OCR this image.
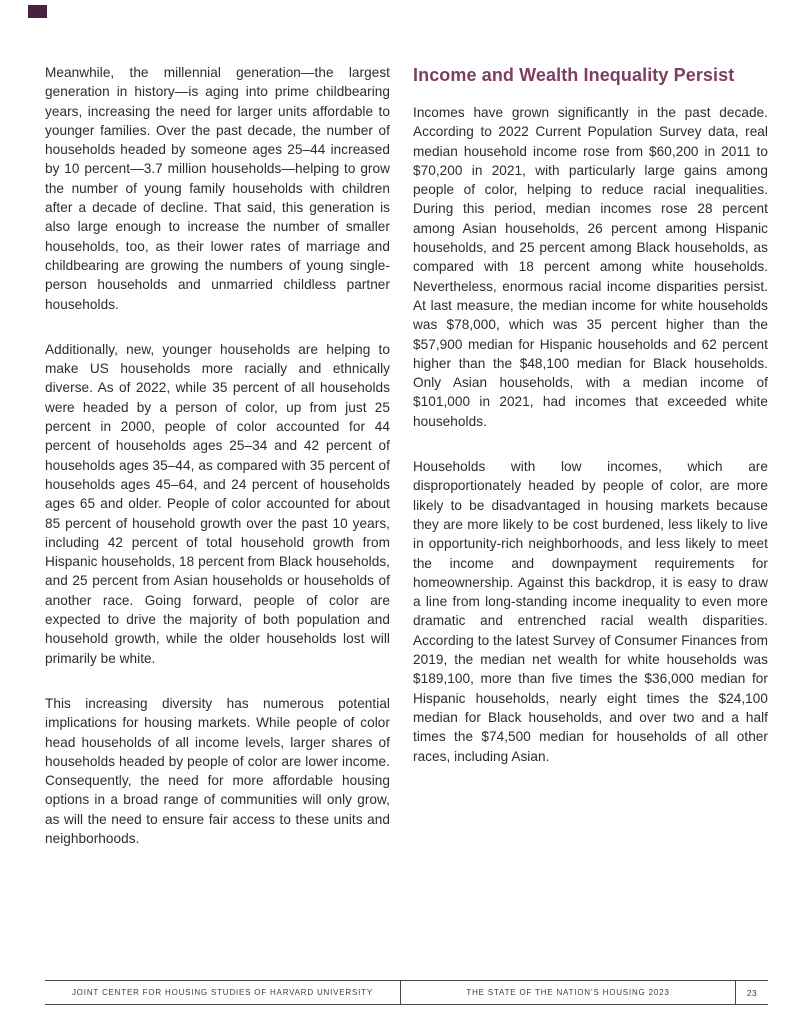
Meanwhile, the millennial generation—the largest generation in history—is aging into prime childbearing years, increasing the need for larger units affordable to younger families. Over the past decade, the number of households headed by someone ages 25–44 increased by 10 percent—3.7 million households—helping to grow the number of young family households with children after a decade of decline. That said, this generation is also large enough to increase the number of smaller households, too, as their lower rates of marriage and childbearing are growing the numbers of young single-person households and unmarried childless partner households.

Additionally, new, younger households are helping to make US households more racially and ethnically diverse. As of 2022, while 35 percent of all households were headed by a person of color, up from just 25 percent in 2000, people of color accounted for 44 percent of households ages 25–34 and 42 percent of households ages 35–44, as compared with 35 percent of households ages 45–64, and 24 percent of households ages 65 and older. People of color accounted for about 85 percent of household growth over the past 10 years, including 42 percent of total household growth from Hispanic households, 18 percent from Black households, and 25 percent from Asian households or households of another race. Going forward, people of color are expected to drive the majority of both population and household growth, while the older households lost will primarily be white.

This increasing diversity has numerous potential implications for housing markets. While people of color head households of all income levels, larger shares of households headed by people of color are lower income. Consequently, the need for more affordable housing options in a broad range of communities will only grow, as will the need to ensure fair access to these units and neighborhoods.

Income and Wealth Inequality Persist

Incomes have grown significantly in the past decade. According to 2022 Current Population Survey data, real median household income rose from $60,200 in 2011 to $70,200 in 2021, with particularly large gains among people of color, helping to reduce racial inequalities. During this period, median incomes rose 28 percent among Asian households, 26 percent among Hispanic households, and 25 percent among Black households, as compared with 18 percent among white households. Nevertheless, enormous racial income disparities persist. At last measure, the median income for white households was $78,000, which was 35 percent higher than the $57,900 median for Hispanic households and 62 percent higher than the $48,100 median for Black households. Only Asian households, with a median income of $101,000 in 2021, had incomes that exceeded white households.

Households with low incomes, which are disproportionately headed by people of color, are more likely to be disadvantaged in housing markets because they are more likely to be cost burdened, less likely to live in opportunity-rich neighborhoods, and less likely to meet the income and downpayment requirements for homeownership. Against this backdrop, it is easy to draw a line from long-standing income inequality to even more dramatic and entrenched racial wealth disparities. According to the latest Survey of Consumer Finances from 2019, the median net wealth for white households was $189,100, more than five times the $36,000 median for Hispanic households, nearly eight times the $24,100 median for Black households, and over two and a half times the $74,500 median for households of all other races, including Asian.

JOINT CENTER FOR HOUSING STUDIES OF HARVARD UNIVERSITY	THE STATE OF THE NATION’S HOUSING 2023	23
